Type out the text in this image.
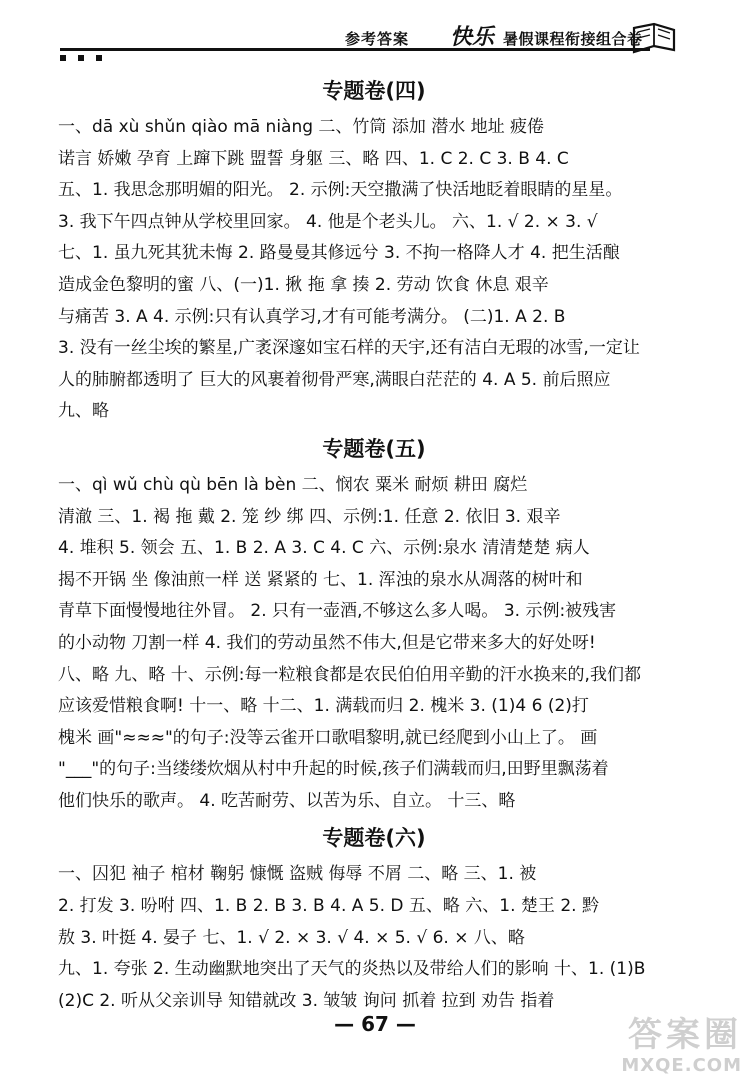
参考答案 快乐 暑假课程衔接组合卷
专题卷(四)

一、dā xù shǔn qiào mā niàng 二、竹筒 添加 潜水 地址 疲倦

诺言 娇嫩 孕育 上蹿下跳 盟誓 身躯 三、略 四、1. C 2. C 3. B 4. C

五、1. 我思念那明媚的阳光。 2. 示例:天空撒满了快活地眨着眼睛的星星。

3. 我下午四点钟从学校里回家。 4. 他是个老头儿。 六、1. √ 2. × 3. √

七、1. 虽九死其犹未悔 2. 路曼曼其修远兮 3. 不拘一格降人才 4. 把生活酿

造成金色黎明的蜜 八、(一)1. 揪 拖 拿 揍 2. 劳动 饮食 休息 艰辛

与痛苦 3. A 4. 示例:只有认真学习,才有可能考满分。 (二)1. A 2. B

3. 没有一丝尘埃的繁星,广袤深邃如宝石样的天宇,还有洁白无瑕的冰雪,一定让

人的肺腑都透明了 巨大的风裹着彻骨严寒,满眼白茫茫的 4. A 5. 前后照应

九、略

专题卷(五)

一、qì wǔ chù qù bēn là bèn 二、悯农 粟米 耐烦 耕田 腐烂

清澈 三、1. 褐 拖 戴 2. 笼 纱 绑 四、示例:1. 任意 2. 依旧 3. 艰辛

4. 堆积 5. 领会 五、1. B 2. A 3. C 4. C 六、示例:泉水 清清楚楚 病人

揭不开锅 坐 像油煎一样 送 紧紧的 七、1. 浑浊的泉水从凋落的树叶和

青草下面慢慢地往外冒。 2. 只有一壶酒,不够这么多人喝。 3. 示例:被残害

的小动物 刀割一样 4. 我们的劳动虽然不伟大,但是它带来多大的好处呀!

八、略 九、略 十、示例:每一粒粮食都是农民伯伯用辛勤的汗水换来的,我们都

应该爱惜粮食啊! 十一、略 十二、1. 满载而归 2. 槐米 3. (1)4 6 (2)打

槐米 画"≈≈≈"的句子:没等云雀开口歌唱黎明,就已经爬到小山上了。 画

"___"的句子:当缕缕炊烟从村中升起的时候,孩子们满载而归,田野里飘荡着

他们快乐的歌声。 4. 吃苦耐劳、以苦为乐、自立。 十三、略

专题卷(六)

一、囚犯 袖子 棺材 鞠躬 慷慨 盗贼 侮辱 不屑 二、略 三、1. 被

2. 打发 3. 吩咐 四、1. B 2. B 3. B 4. A 5. D 五、略 六、1. 楚王 2. 黔

敖 3. 叶挺 4. 晏子 七、1. √ 2. × 3. √ 4. × 5. √ 6. × 八、略

九、1. 夸张 2. 生动幽默地突出了天气的炎热以及带给人们的影响 十、1. (1)B

(2)C 2. 听从父亲训导 知错就改 3. 皱皱 询问 抓着 拉到 劝告 指着

— 67 —	答案圈
MXQE.COM
